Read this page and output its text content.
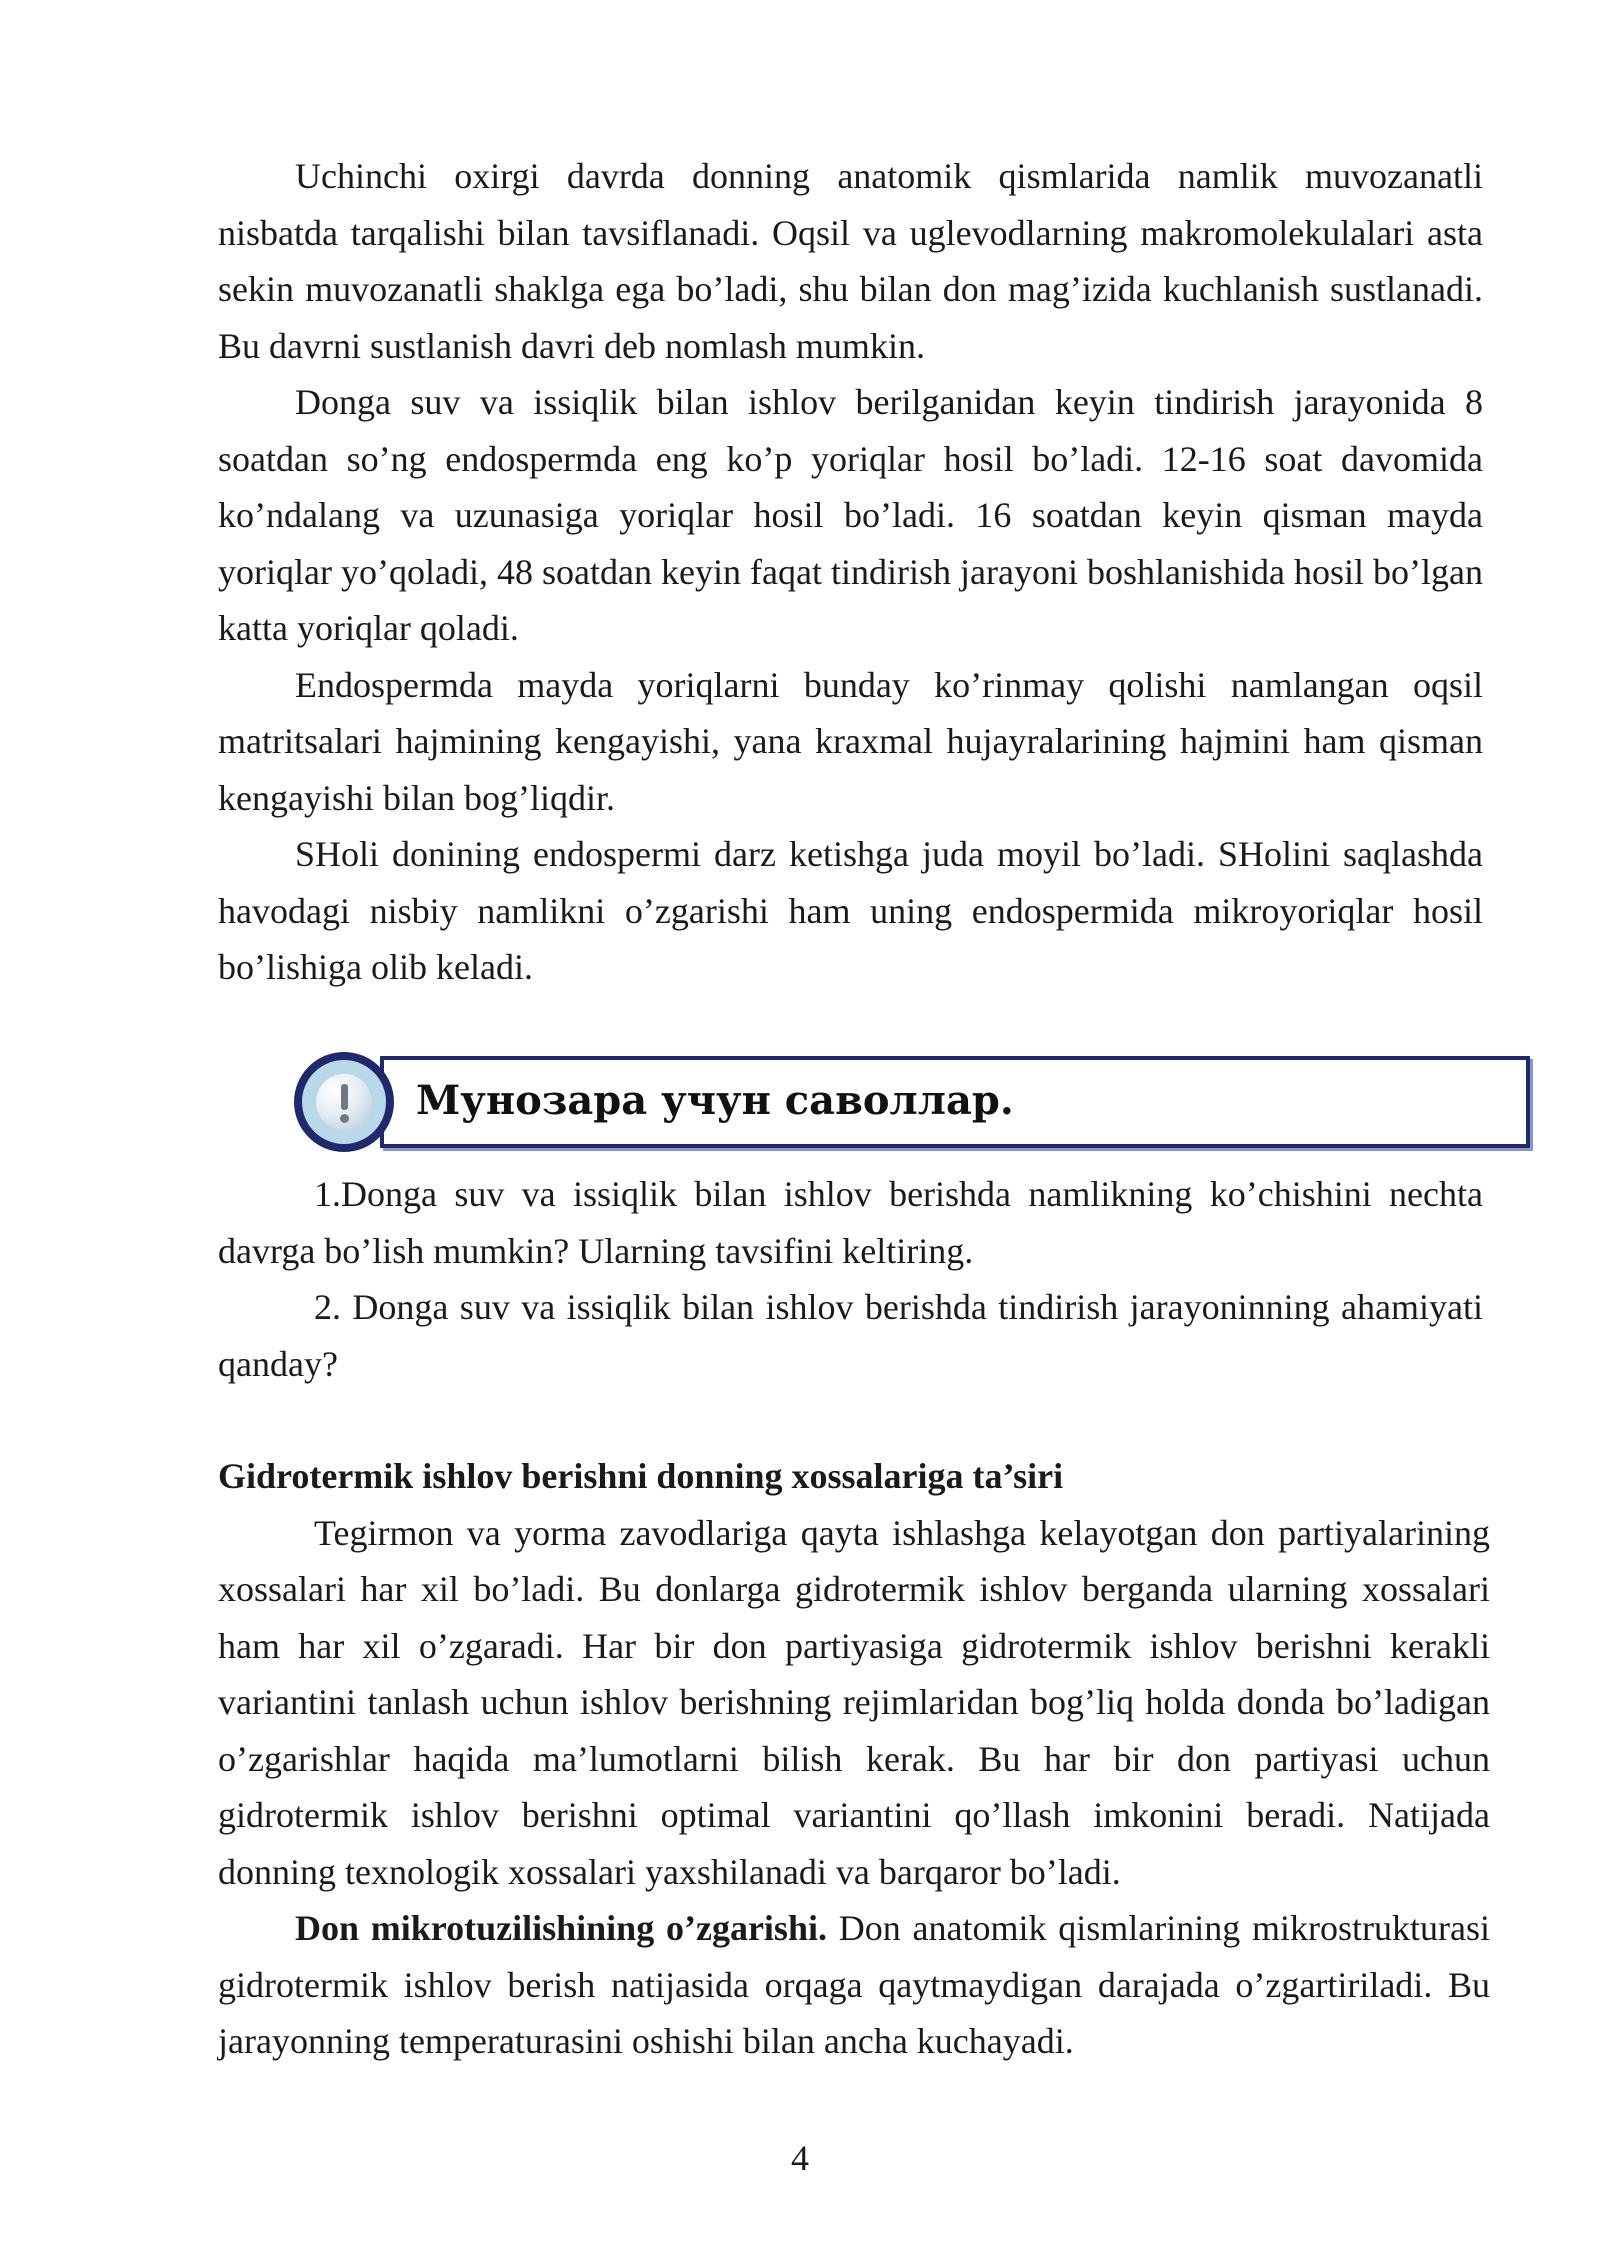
Uchinchi oxirgi davrda donning anatomik qismlarida namlik muvozanatli nisbatda tarqalishi bilan tavsiflanadi. Oqsil va uglevodlarning makromolekulalari asta sekin muvozanatli shaklga ega bo’ladi, shu bilan don mag’izida kuchlanish sustlanadi. Bu davrni sustlanish davri deb nomlash mumkin.

Donga suv va issiqlik bilan ishlov berilganidan keyin tindirish jarayonida 8 soatdan so’ng endospermda eng ko’p yoriqlar hosil bo’ladi. 12-16 soat davomida ko’ndalang va uzunasiga yoriqlar hosil bo’ladi. 16 soatdan keyin qisman mayda yoriqlar yo’qoladi, 48 soatdan keyin faqat tindirish jarayoni boshlanishida hosil bo’lgan katta yoriqlar qoladi.

Endospermda mayda yoriqlarni bunday ko’rinmay qolishi namlangan oqsil matritsalari hajmining kengayishi, yana kraxmal hujayralarining hajmini ham qisman kengayishi bilan bog’liqdir.

SHoli donining endospermi darz ketishga juda moyil bo’ladi. SHolini saqlashda havodagi nisbiy namlikni o’zgarishi ham uning endospermida mikroyoriqlar hosil bo’lishiga olib keladi.

Мунозара учун саволлар.

1.Donga suv va issiqlik bilan ishlov berishda namlikning ko’chishini nechta davrga bo’lish mumkin? Ularning tavsifini keltiring.

2. Donga suv va issiqlik bilan ishlov berishda tindirish jarayoninning ahamiyati qanday?

Gidrotermik ishlov berishni donning xossalariga ta’siri

Tegirmon va yorma zavodlariga qayta ishlashga kelayotgan don partiyalarining xossalari har xil bo’ladi. Bu donlarga gidrotermik ishlov berganda ularning xossalari ham har xil o’zgaradi. Har bir don partiyasiga gidrotermik ishlov berishni kerakli variantini tanlash uchun ishlov berishning rejimlaridan bog’liq holda donda bo’ladigan o’zgarishlar haqida ma’lumotlarni bilish kerak. Bu har bir don partiyasi uchun gidrotermik ishlov berishni optimal variantini qo’llash imkonini beradi. Natijada donning texnologik xossalari yaxshilanadi va barqaror bo’ladi.

Don mikrotuzilishining o’zgarishi. Don anatomik qismlarining mikrostrukturasi gidrotermik ishlov berish natijasida orqaga qaytmaydigan darajada o’zgartiriladi. Bu jarayonning temperaturasini oshishi bilan ancha kuchayadi.

4
